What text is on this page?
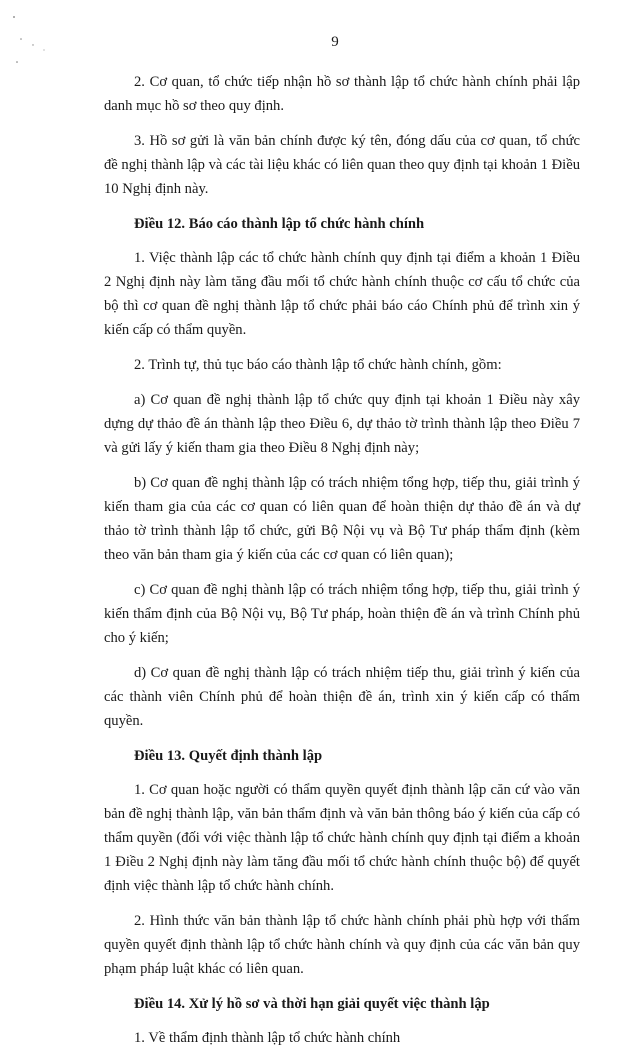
9

2. Cơ quan, tổ chức tiếp nhận hồ sơ thành lập tổ chức hành chính phải lập danh mục hồ sơ theo quy định.

3. Hồ sơ gửi là văn bản chính được ký tên, đóng dấu của cơ quan, tổ chức đề nghị thành lập và các tài liệu khác có liên quan theo quy định tại khoản 1 Điều 10 Nghị định này.

Điều 12. Báo cáo thành lập tổ chức hành chính

1. Việc thành lập các tổ chức hành chính quy định tại điểm a khoản 1 Điều 2 Nghị định này làm tăng đầu mối tổ chức hành chính thuộc cơ cấu tổ chức của bộ thì cơ quan đề nghị thành lập tổ chức phải báo cáo Chính phủ để trình xin ý kiến cấp có thẩm quyền.

2. Trình tự, thủ tục báo cáo thành lập tổ chức hành chính, gồm:

a) Cơ quan đề nghị thành lập tổ chức quy định tại khoản 1 Điều này xây dựng dự thảo đề án thành lập theo Điều 6, dự thảo tờ trình thành lập theo Điều 7 và gửi lấy ý kiến tham gia theo Điều 8 Nghị định này;

b) Cơ quan đề nghị thành lập có trách nhiệm tổng hợp, tiếp thu, giải trình ý kiến tham gia của các cơ quan có liên quan để hoàn thiện dự thảo đề án và dự thảo tờ trình thành lập tổ chức, gửi Bộ Nội vụ và Bộ Tư pháp thẩm định (kèm theo văn bản tham gia ý kiến của các cơ quan có liên quan);

c) Cơ quan đề nghị thành lập có trách nhiệm tổng hợp, tiếp thu, giải trình ý kiến thẩm định của Bộ Nội vụ, Bộ Tư pháp, hoàn thiện đề án và trình Chính phủ cho ý kiến;

d) Cơ quan đề nghị thành lập có trách nhiệm tiếp thu, giải trình ý kiến của các thành viên Chính phủ để hoàn thiện đề án, trình xin ý kiến cấp có thẩm quyền.

Điều 13. Quyết định thành lập

1. Cơ quan hoặc người có thẩm quyền quyết định thành lập căn cứ vào văn bản đề nghị thành lập, văn bản thẩm định và văn bản thông báo ý kiến của cấp có thẩm quyền (đối với việc thành lập tổ chức hành chính quy định tại điểm a khoản 1 Điều 2 Nghị định này làm tăng đầu mối tổ chức hành chính thuộc bộ) để quyết định việc thành lập tổ chức hành chính.

2. Hình thức văn bản thành lập tổ chức hành chính phải phù hợp với thẩm quyền quyết định thành lập tổ chức hành chính và quy định của các văn bản quy phạm pháp luật khác có liên quan.

Điều 14. Xử lý hồ sơ và thời hạn giải quyết việc thành lập

1. Về thẩm định thành lập tổ chức hành chính
